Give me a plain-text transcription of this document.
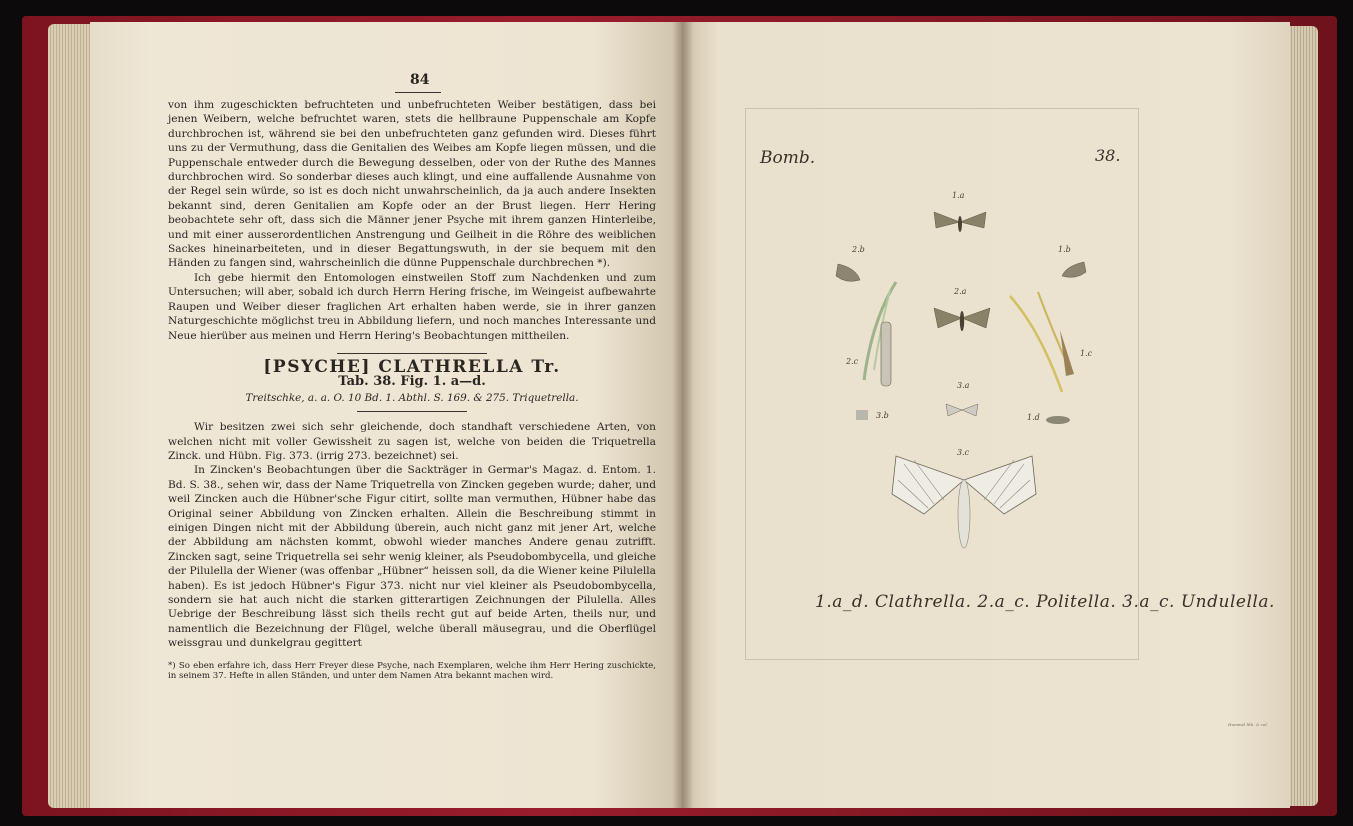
84

von ihm zugeschickten befruchteten und unbefruchteten Weiber bestätigen, dass bei jenen Weibern, welche befruchtet waren, stets die hellbraune Puppenschale am Kopfe durchbrochen ist, während sie bei den unbefruchteten ganz gefunden wird. Dieses führt uns zu der Vermuthung, dass die Genitalien des Weibes am Kopfe liegen müssen, und die Puppenschale entweder durch die Bewegung desselben, oder von der Ruthe des Mannes durchbrochen wird. So sonderbar dieses auch klingt, und eine auffallende Ausnahme von der Regel sein würde, so ist es doch nicht unwahrscheinlich, da ja auch andere Insekten bekannt sind, deren Genitalien am Kopfe oder an der Brust liegen. Herr Hering beobachtete sehr oft, dass sich die Männer jener Psyche mit ihrem ganzen Hinterleibe, und mit einer ausserordentlichen Anstrengung und Geilheit in die Röhre des weiblichen Sackes hineinarbeiteten, und in dieser Begattungswuth, in der sie bequem mit den Händen zu fangen sind, wahrscheinlich die dünne Puppenschale durchbrechen *).

Ich gebe hiermit den Entomologen einstweilen Stoff zum Nachdenken und zum Untersuchen; will aber, sobald ich durch Herrn Hering frische, im Weingeist aufbewahrte Raupen und Weiber dieser fraglichen Art erhalten haben werde, sie in ihrer ganzen Naturgeschichte möglichst treu in Abbildung liefern, und noch manches Interessante und Neue hierüber aus meinen und Herrn Hering's Beobachtungen mittheilen.

[PSYCHE] CLATHRELLA Tr.

Tab. 38. Fig. 1. a—d.

Treitschke, a. a. O. 10 Bd. 1. Abthl. S. 169. & 275. Triquetrella.

Wir besitzen zwei sich sehr gleichende, doch standhaft verschiedene Arten, von welchen nicht mit voller Gewissheit zu sagen ist, welche von beiden die Triquetrella Zinck. und Hübn. Fig. 373. (irrig 273. bezeichnet) sei.

In Zincken's Beobachtungen über die Sackträger in Germar's Magaz. d. Entom. 1. Bd. S. 38., sehen wir, dass der Name Triquetrella von Zincken gegeben wurde; daher, und weil Zincken auch die Hübner'sche Figur citirt, sollte man vermuthen, Hübner habe das Original seiner Abbildung von Zincken erhalten. Allein die Beschreibung stimmt in einigen Dingen nicht mit der Abbildung überein, auch nicht ganz mit jener Art, welche der Abbildung am nächsten kommt, obwohl wieder manches Andere genau zutrifft. Zincken sagt, seine Triquetrella sei sehr wenig kleiner, als Pseudobombycella, und gleiche der Pilulella der Wiener (was offenbar „Hübner“ heissen soll, da die Wiener keine Pilulella haben). Es ist jedoch Hübner's Figur 373. nicht nur viel kleiner als Pseudobombycella, sondern sie hat auch nicht die starken gitterartigen Zeichnungen der Pilulella. Alles Uebrige der Beschreibung lässt sich theils recht gut auf beide Arten, theils nur, und namentlich die Bezeichnung der Flügel, welche überall mäusegrau, und die Oberflügel weissgrau und dunkelgrau gegittert

*) So eben erfahre ich, dass Herr Freyer diese Psyche, nach Exemplaren, welche ihm Herr Hering zuschickte, in seinem 37. Hefte in allen Ständen, und unter dem Namen Atra bekannt machen wird.

Bomb.	38.
1.a
2.b	1.b
2.a
2.c
1.c
3.a
3.b	1.d
3.c
1.a_d. Clathrella. 2.a_c. Politella. 3.a_c. Undulella.
Hummel lith. & col.
